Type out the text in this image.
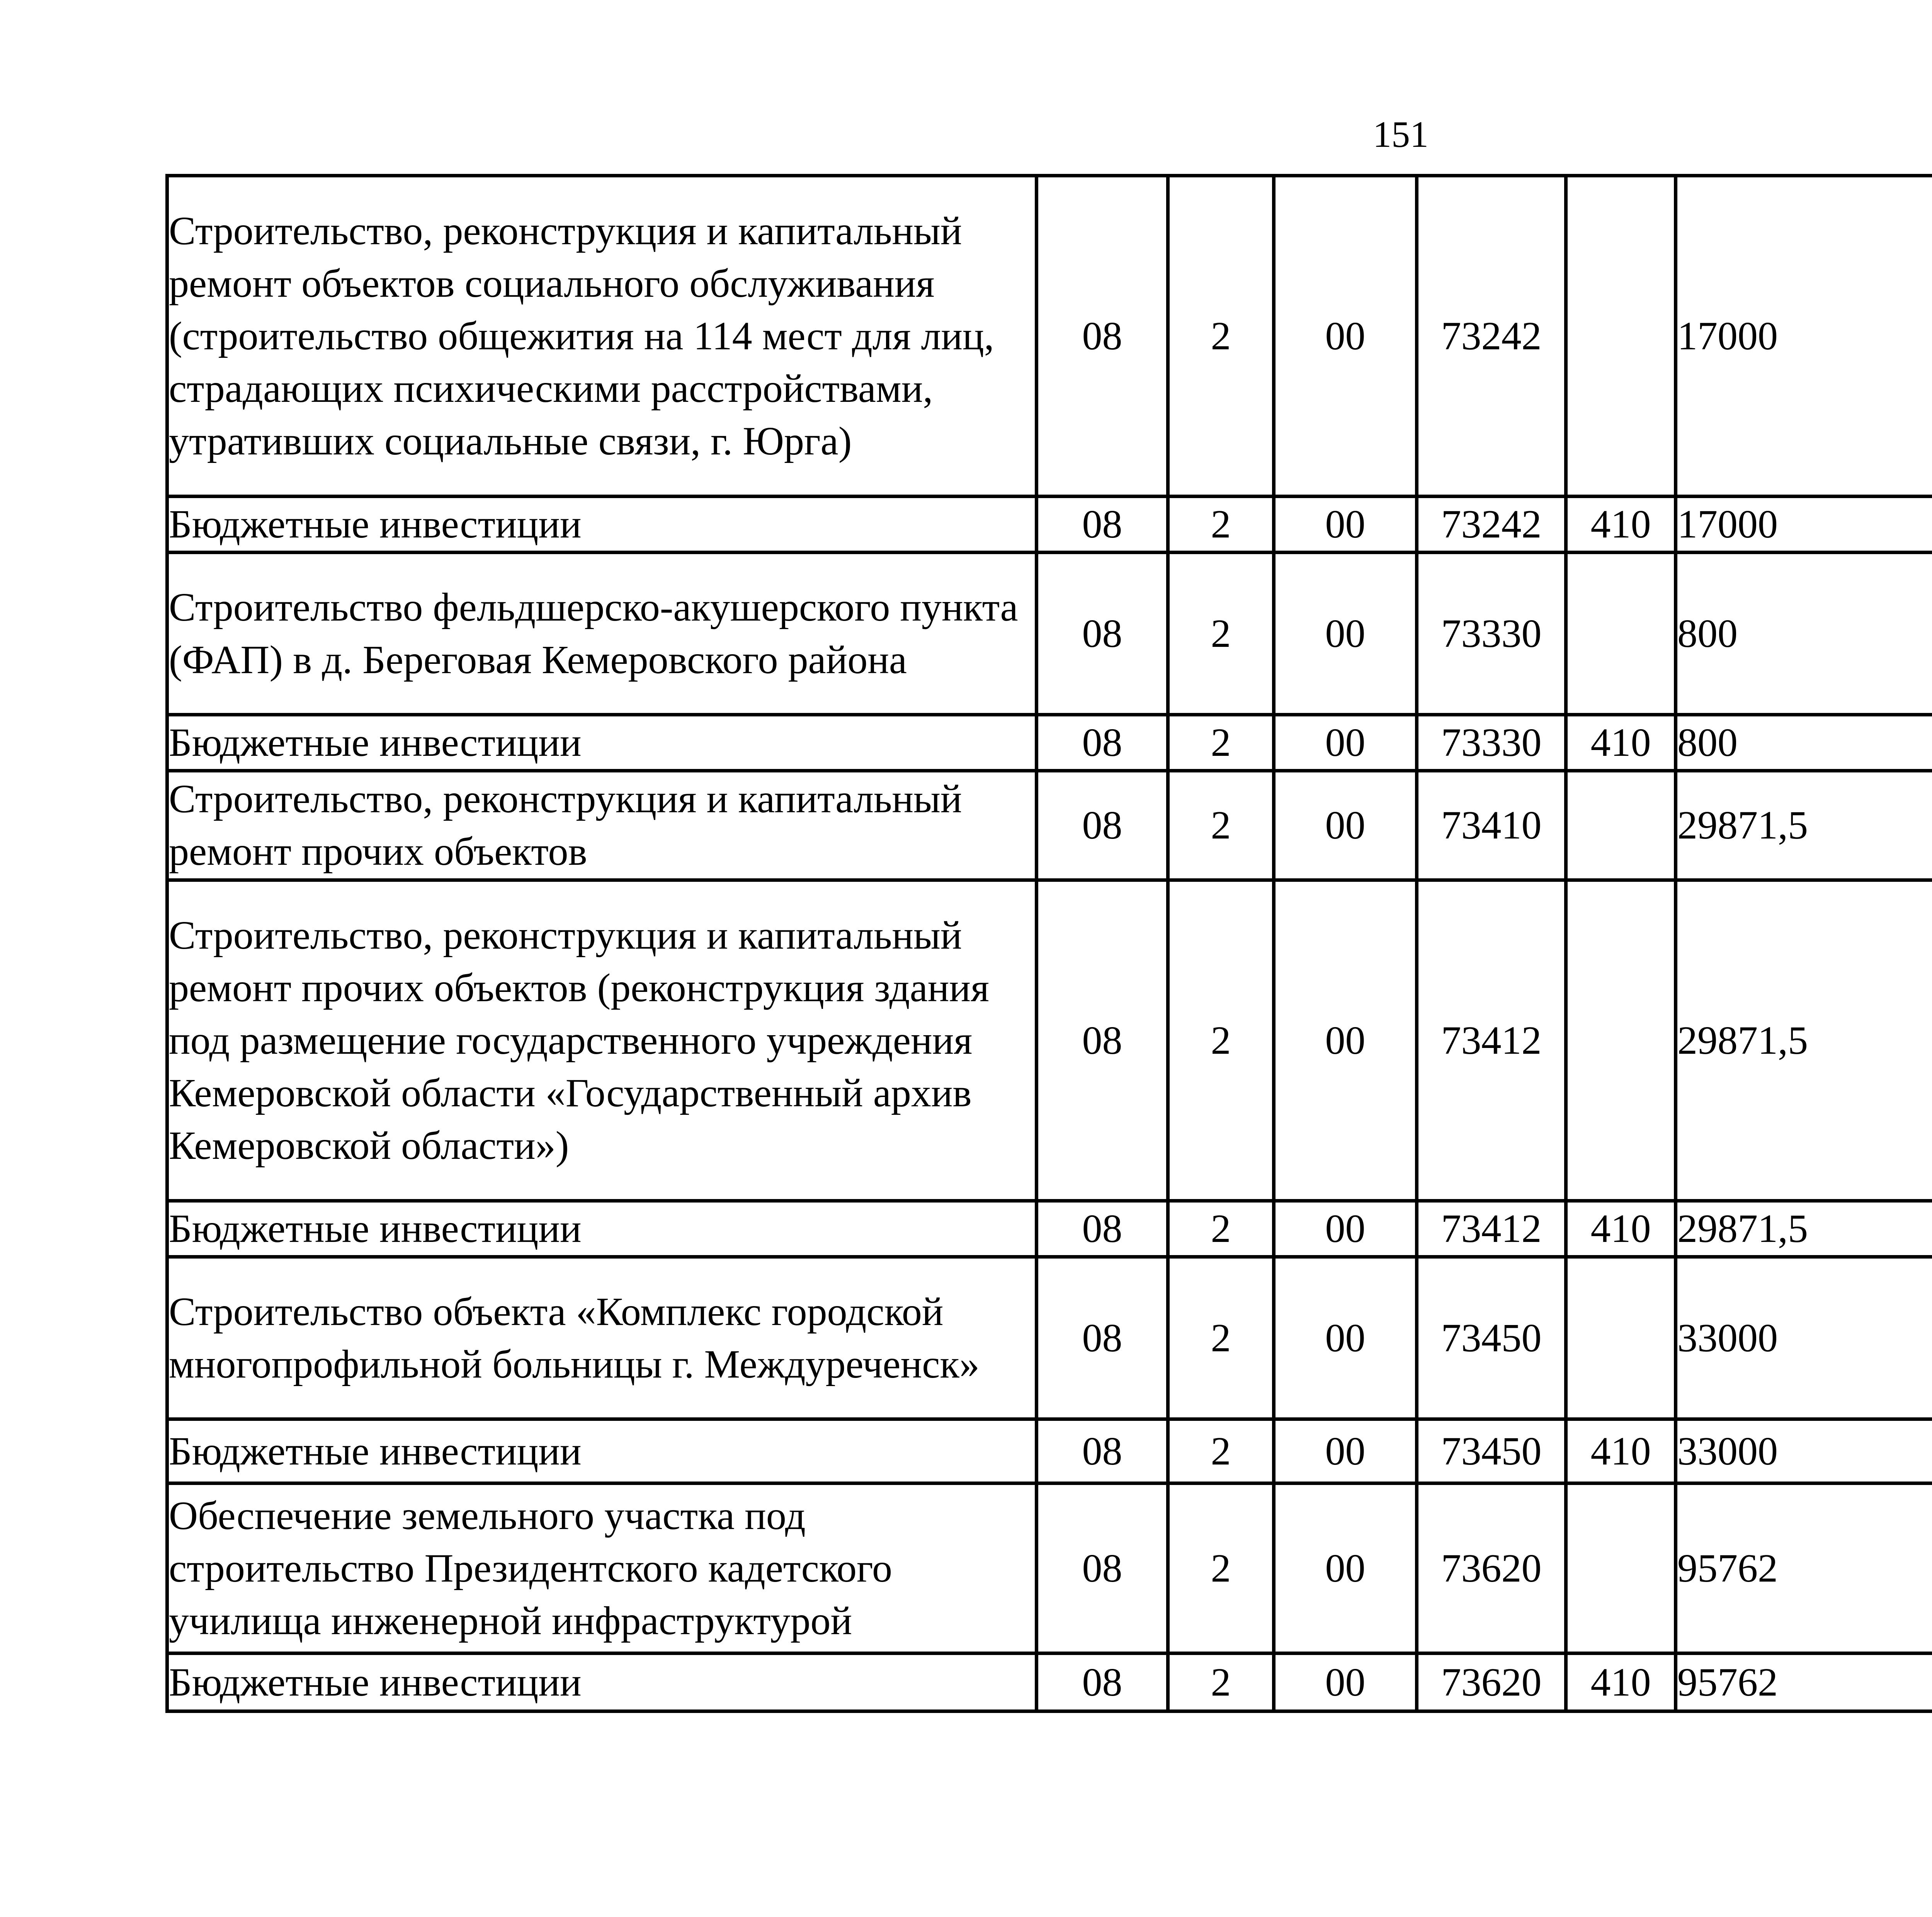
151
Строительство, реконструкция и капитальный ремонт объектов социального обслуживания (строительство общежития на 114 мест для лиц, страдающих психическими расстройствами, утративших социальные связи, г. Юрга)	08	2	00	73242		17000		
Бюджетные инвестиции	08	2	00	73242	410	17000		
Строительство фельдшерско-акушерского пункта (ФАП) в д. Береговая Кемеровского района	08	2	00	73330		800		
Бюджетные инвестиции	08	2	00	73330	410	800		
Строительство, реконструкция и капитальный ремонт прочих объектов	08	2	00	73410		29871,5		
Строительство, реконструкция и капитальный ремонт прочих объектов (реконструкция здания под размещение государственного учреждения Кемеровской области «Государственный архив Кемеровской области»)	08	2	00	73412		29871,5		
Бюджетные инвестиции	08	2	00	73412	410	29871,5		
Строительство объекта «Комплекс городской многопрофильной больницы г. Междуреченск»	08	2	00	73450		33000		
Бюджетные инвестиции	08	2	00	73450	410	33000		
Обеспечение земельного участка под строительство Президентского кадетского училища инженерной инфраструктурой	08	2	00	73620		95762		
Бюджетные инвестиции	08	2	00	73620	410	95762		
